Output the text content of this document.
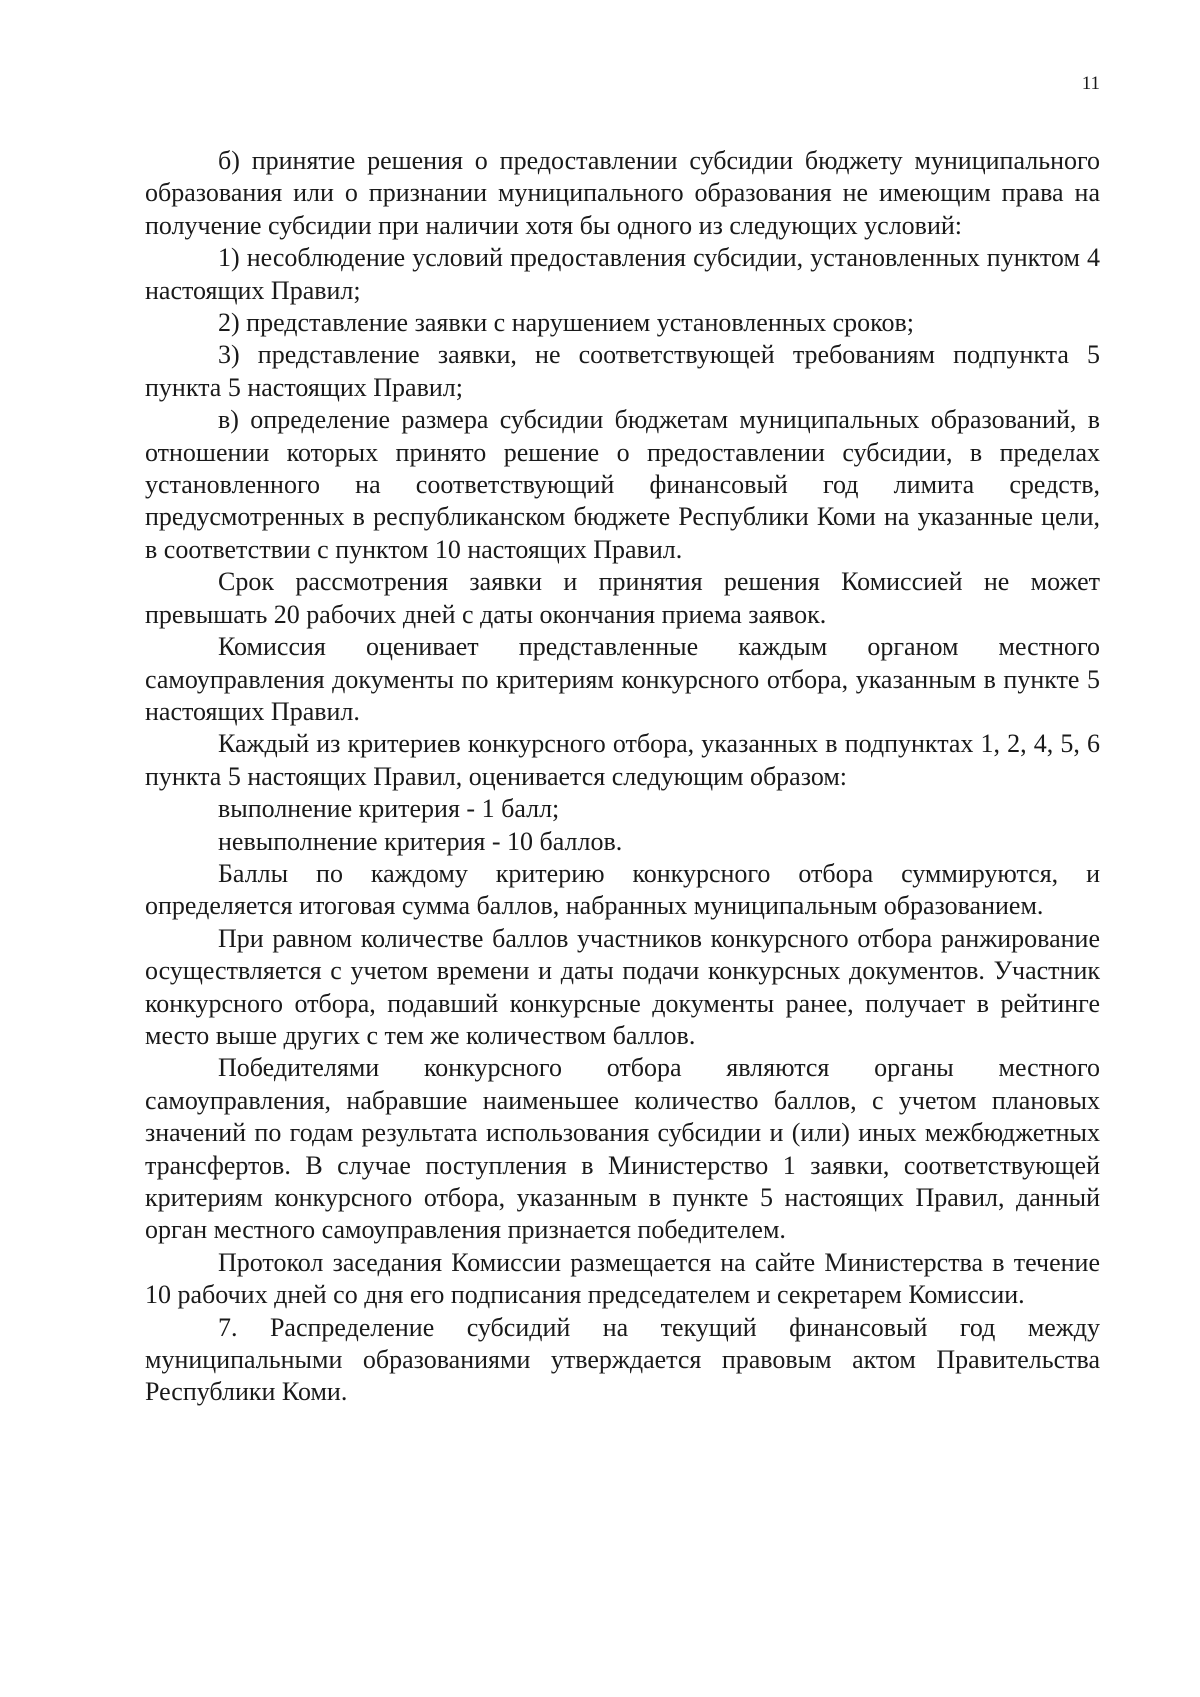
11

б) принятие решения о предоставлении субсидии бюджету муниципального образования или о признании муниципального образования не имеющим права на получение субсидии при наличии хотя бы одного из следующих условий:

1) несоблюдение условий предоставления субсидии, установленных пунктом 4 настоящих Правил;

2) представление заявки с нарушением установленных сроков;

3) представление заявки, не соответствующей требованиям подпункта 5 пункта 5 настоящих Правил;

в) определение размера субсидии бюджетам муниципальных образований, в отношении которых принято решение о предоставлении субсидии, в пределах установленного на соответствующий финансовый год лимита средств, предусмотренных в республиканском бюджете Республики Коми на указанные цели, в соответствии с пунктом 10 настоящих Правил.

Срок рассмотрения заявки и принятия решения Комиссией не может превышать 20 рабочих дней с даты окончания приема заявок.

Комиссия оценивает представленные каждым органом местного самоуправления документы по критериям конкурсного отбора, указанным в пункте 5 настоящих Правил.

Каждый из критериев конкурсного отбора, указанных в подпунктах 1, 2, 4, 5, 6 пункта 5 настоящих Правил, оценивается следующим образом:

выполнение критерия - 1 балл;

невыполнение критерия - 10 баллов.

Баллы по каждому критерию конкурсного отбора суммируются, и определяется итоговая сумма баллов, набранных муниципальным образованием.

При равном количестве баллов участников конкурсного отбора ранжирование осуществляется с учетом времени и даты подачи конкурсных документов. Участник конкурсного отбора, подавший конкурсные документы ранее, получает в рейтинге место выше других с тем же количеством баллов.

Победителями конкурсного отбора являются органы местного самоуправления, набравшие наименьшее количество баллов, с учетом плановых значений по годам результата использования субсидии и (или) иных межбюджетных трансфертов. В случае поступления в Министерство 1 заявки, соответствующей критериям конкурсного отбора, указанным в пункте 5 настоящих Правил, данный орган местного самоуправления признается победителем.

Протокол заседания Комиссии размещается на сайте Министерства в течение 10 рабочих дней со дня его подписания председателем и секретарем Комиссии.

7. Распределение субсидий на текущий финансовый год между муниципальными образованиями утверждается правовым актом Правительства Республики Коми.
